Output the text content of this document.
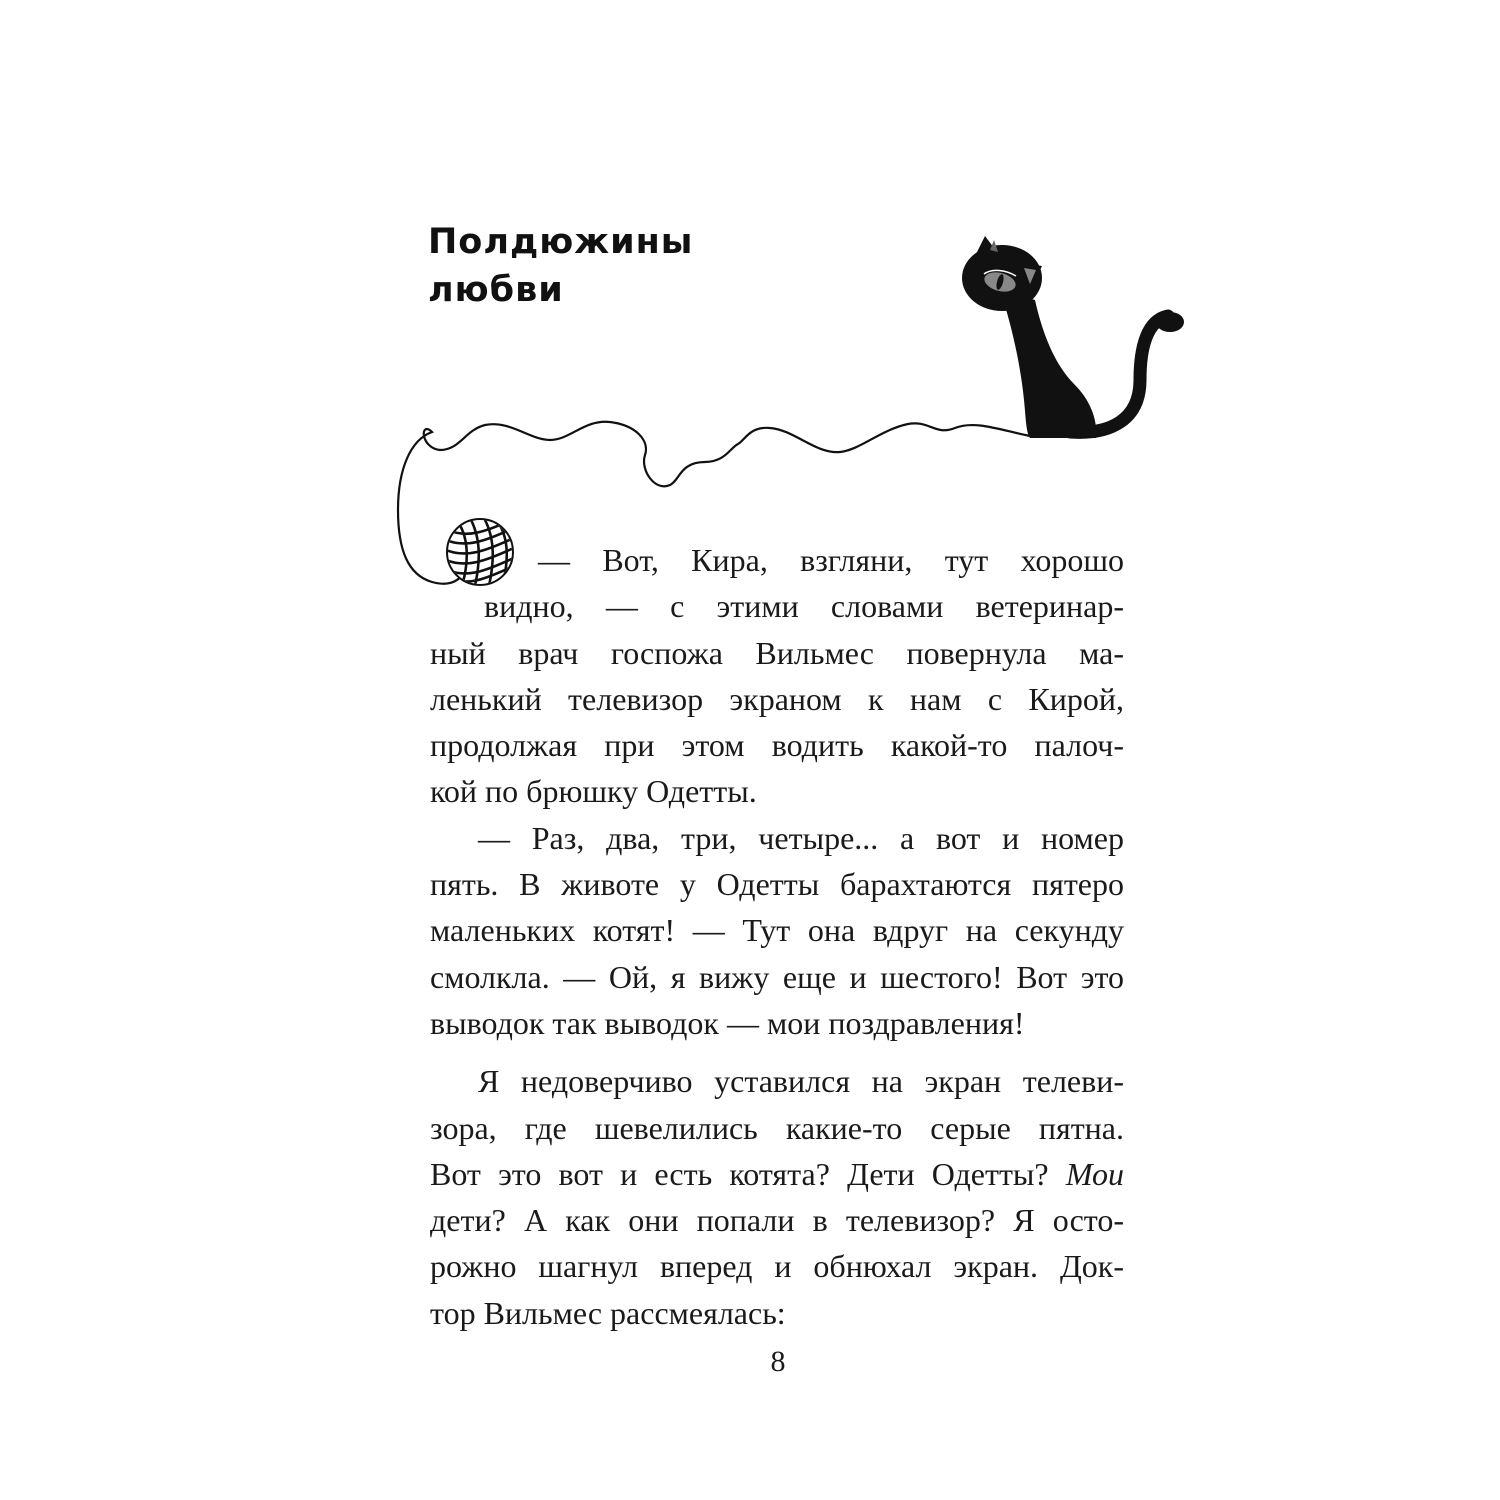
Полдюжины
любви
— Вот, Кира, взгляни, тут хорошо
видно, — с этими словами ветеринар-
ный врач госпожа Вильмес повернула ма-
ленький телевизор экраном к нам с Кирой,
продолжая при этом водить какой-то палоч-
кой по брюшку Одетты.
— Раз, два, три, четыре... а вот и номер
пять. В животе у Одетты барахтаются пятеро
маленьких котят! — Тут она вдруг на секунду
смолкла. — Ой, я вижу еще и шестого! Вот это
выводок так выводок — мои поздравления!
Я недоверчиво уставился на экран телеви-
зора, где шевелились какие-то серые пятна.
Вот это вот и есть котята? Дети Одетты? Мои
дети? А как они попали в телевизор? Я осто-
рожно шагнул вперед и обнюхал экран. Док-
тор Вильмес рассмеялась:
8
